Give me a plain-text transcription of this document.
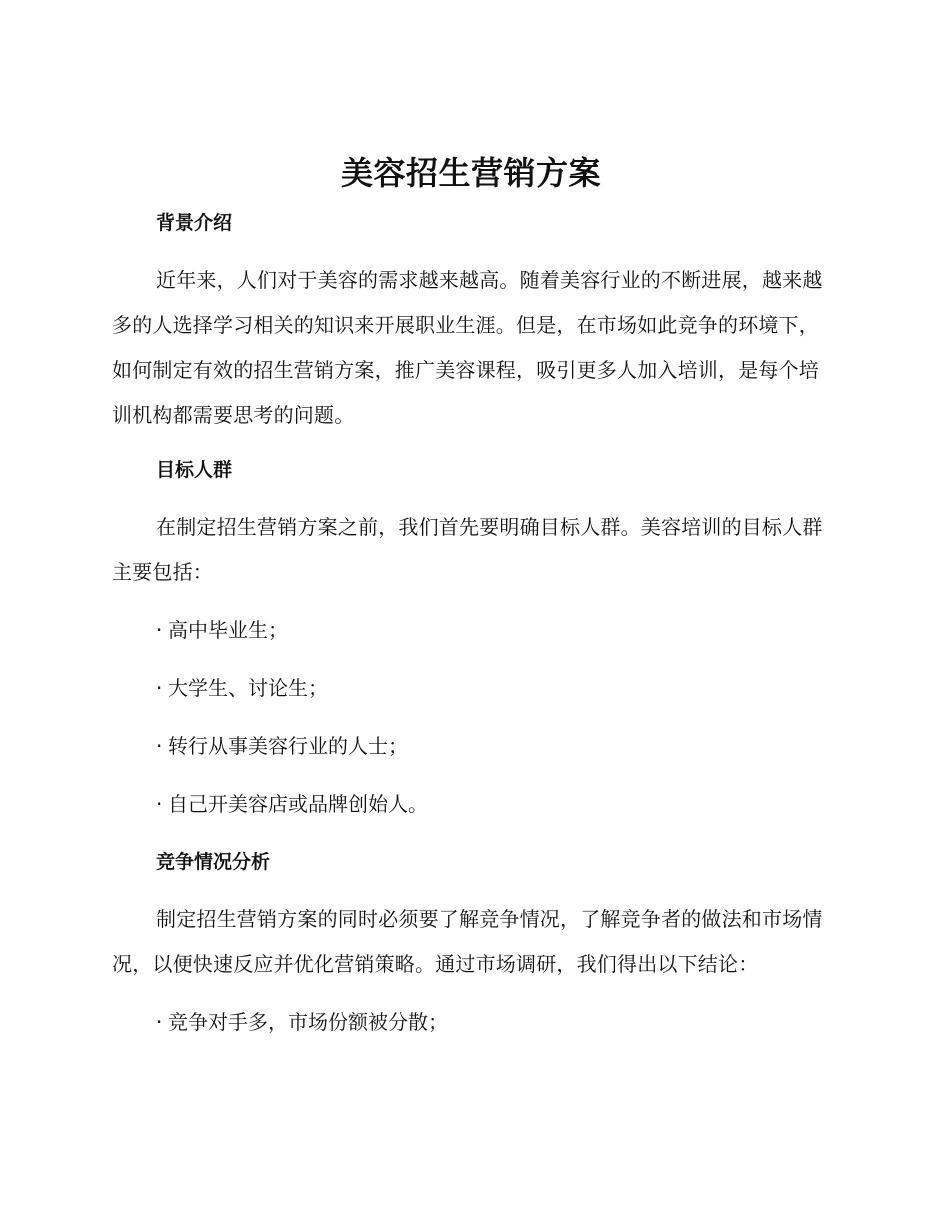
美容招生营销方案
背景介绍

近年来，人们对于美容的需求越来越高。随着美容行业的不断进展，越来越多的人选择学习相关的知识来开展职业生涯。但是，在市场如此竞争的环境下，如何制定有效的招生营销方案，推广美容课程，吸引更多人加入培训，是每个培训机构都需要思考的问题。

目标人群

在制定招生营销方案之前，我们首先要明确目标人群。美容培训的目标人群主要包括：

· 高中毕业生；
· 大学生、讨论生；
· 转行从事美容行业的人士；
· 自己开美容店或品牌创始人。
竞争情况分析

制定招生营销方案的同时必须要了解竞争情况，了解竞争者的做法和市场情况，以便快速反应并优化营销策略。通过市场调研，我们得出以下结论：

· 竞争对手多，市场份额被分散；
